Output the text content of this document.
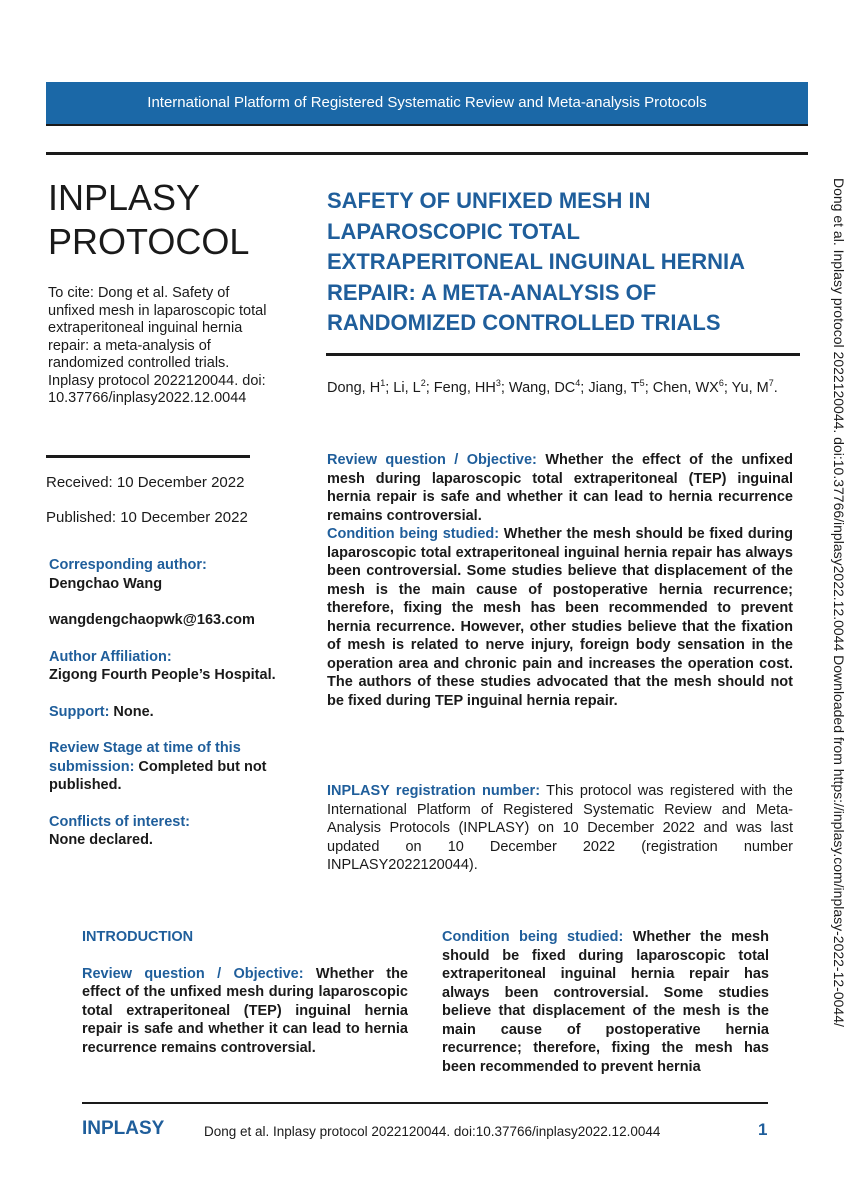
International Platform of Registered Systematic Review and Meta-analysis Protocols
INPLASY
PROTOCOL
To cite: Dong et al. Safety of unfixed mesh in laparoscopic total extraperitoneal inguinal hernia repair: a meta-analysis of randomized controlled trials. Inplasy protocol 2022120044. doi: 10.37766/inplasy2022.12.0044
Received: 10 December 2022
Published: 10 December 2022

Corresponding author:
Dengchao Wang

wangdengchaopwk@163.com

Author Affiliation:
Zigong Fourth People’s Hospital.

Support: None.

Review Stage at time of this submission: Completed but not published.

Conflicts of interest:
None declared.

SAFETY OF UNFIXED MESH IN LAPAROSCOPIC TOTAL EXTRAPERITONEAL INGUINAL HERNIA REPAIR: A META-ANALYSIS OF RANDOMIZED CONTROLLED TRIALS
Dong, $H^1$; Li, $L^2$; Feng, $HH^3$; Wang, $DC^4$; Jiang, $T^5$; Chen, $WX^6$; Yu, $M^7$.

Review question / Objective: Whether the effect of the unfixed mesh during laparoscopic total extraperitoneal (TEP) inguinal hernia repair is safe and whether it can lead to hernia recurrence remains controversial.

Condition being studied: Whether the mesh should be fixed during laparoscopic total extraperitoneal inguinal hernia repair has always been controversial. Some studies believe that displacement of the mesh is the main cause of postoperative hernia recurrence; therefore, fixing the mesh has been recommended to prevent hernia recurrence. However, other studies believe that the fixation of mesh is related to nerve injury, foreign body sensation in the operation area and chronic pain and increases the operation cost. The authors of these studies advocated that the mesh should not be fixed during TEP inguinal hernia repair.

INPLASY registration number: This protocol was registered with the International Platform of Registered Systematic Review and Meta-Analysis Protocols (INPLASY) on 10 December 2022 and was last updated on 10 December 2022 (registration number INPLASY2022120044).	Dong et al. Inplasy protocol 2022120044. doi:10.37766/inplasy2022.12.0044 Downloaded from https://inplasy.com/inplasy-2022-12-0044/
INTRODUCTION

Review question / Objective: Whether the effect of the unfixed mesh during laparoscopic total extraperitoneal (TEP) inguinal hernia repair is safe and whether it can lead to hernia recurrence remains controversial.

Condition being studied: Whether the mesh should be fixed during laparoscopic total extraperitoneal inguinal hernia repair has always been controversial. Some studies believe that displacement of the mesh is the main cause of postoperative hernia recurrence; therefore, fixing the mesh has been recommended to prevent hernia

INPLASY	Dong et al. Inplasy protocol 2022120044. doi:10.37766/inplasy2022.12.0044	1
